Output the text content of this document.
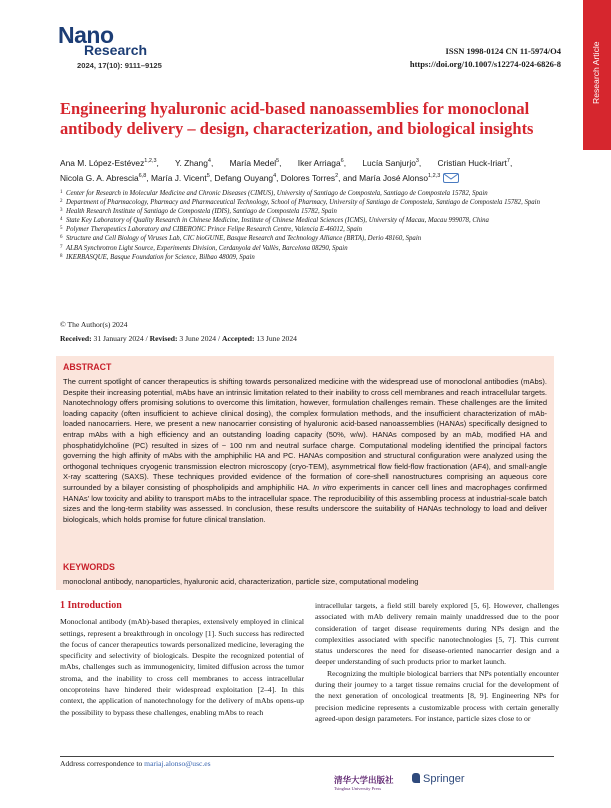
Research Article
Nano
Research
2024, 17(10): 9111–9125
ISSN 1998-0124 CN 11-5974/O4
https://doi.org/10.1007/s12274-024-6826-8
Engineering hyaluronic acid-based nanoassemblies for monoclonal antibody delivery – design, characterization, and biological insights
Ana M. López-Estévez$^{1,2,3}$,       Y. Zhang$^4$,       María Medel$^5$,       Iker Arriaga$^6$,       Lucía Sanjurjo$^3$,       Cristian Huck-Iriart$^7$,
Nicola G. A. Abrescia$^{6,8}$, María J. Vicent$^5$, Defang Ouyang$^4$, Dolores Torres$^2$, and María José Alonso$^{1,2,3}$
1 Center for Research in Molecular Medicine and Chronic Diseases (CIMUS), University of Santiago de Compostela, Santiago de Compostela 15782, Spain
2 Department of Pharmacology, Pharmacy and Pharmaceutical Technology, School of Pharmacy, University of Santiago de Compostela, Santiago de Compostela 15782, Spain
3 Health Research Institute of Santiago de Compostela (IDIS), Santiago de Compostela 15782, Spain
4 State Key Laboratory of Quality Research in Chinese Medicine, Institute of Chinese Medical Sciences (ICMS), University of Macau, Macau 999078, China
5 Polymer Therapeutics Laboratory and CIBERONC Prince Felipe Research Centre, Valencia E-46012, Spain
6 Structure and Cell Biology of Viruses Lab, CIC bioGUNE, Basque Research and Technology Alliance (BRTA), Derio 48160, Spain
7 ALBA Synchrotron Light Source, Experiments Division, Cerdanyola del Vallès, Barcelona 08290, Spain
8 IKERBASQUE, Basque Foundation for Science, Bilbao 48009, Spain
© The Author(s) 2024
Received: 31 January 2024 / Revised: 3 June 2024 / Accepted: 13 June 2024
ABSTRACT
The current spotlight of cancer therapeutics is shifting towards personalized medicine with the widespread use of monoclonal antibodies (mAbs). Despite their increasing potential, mAbs have an intrinsic limitation related to their inability to cross cell membranes and reach intracellular targets. Nanotechnology offers promising solutions to overcome this limitation, however, formulation challenges remain. These challenges are the limited loading capacity (often insufficient to achieve clinical dosing), the complex formulation methods, and the insufficient characterization of mAb-loaded nanocarriers. Here, we present a new nanocarrier consisting of hyaluronic acid-based nanoassemblies (HANAs) specifically designed to entrap mAbs with a high efficiency and an outstanding loading capacity (50%, w/w). HANAs composed by an mAb, modified HA and phosphatidylcholine (PC) resulted in sizes of ~ 100 nm and neutral surface charge. Computational modeling identified the principal factors governing the high affinity of mAbs with the amphiphilic HA and PC. HANAs composition and structural configuration were analyzed using the orthogonal techniques cryogenic transmission electron microscopy (cryo-TEM), asymmetrical flow field-flow fractionation (AF4), and small-angle X-ray scattering (SAXS). These techniques provided evidence of the formation of core-shell nanostructures comprising an aqueous core surrounded by a bilayer consisting of phospholipids and amphiphilic HA. In vitro experiments in cancer cell lines and macrophages confirmed HANAs' low toxicity and ability to transport mAbs to the intracellular space. The reproducibility of this assembling process at industrial-scale batch sizes and the long-term stability was assessed. In conclusion, these results underscore the suitability of HANAs technology to load and deliver biologicals, which holds promise for future clinical translation.
KEYWORDS
monoclonal antibody, nanoparticles, hyaluronic acid, characterization, particle size, computational modeling
1 Introduction

Monoclonal antibody (mAb)-based therapies, extensively employed in clinical settings, represent a breakthrough in oncology [1]. Such success has redirected the focus of cancer therapeutics towards personalized medicine, leveraging the specificity and selectivity of biologicals. Despite the recognized potential of mAbs, challenges such as immunogenicity, limited diffusion across the tumor stroma, and the inability to cross cell membranes to access intracellular oncoproteins have hindered their widespread exploitation [2–4]. In this context, the application of nanotechnology for the delivery of mAbs opens-up the possibility to bypass these challenges, enabling mAbs to reach

intracellular targets, a field still barely explored [5, 6]. However, challenges associated with mAb delivery remain mainly unaddressed due to the poor consideration of target disease requirements during NPs design and the complexities associated with specific nanotechnologies [5, 7]. This current status underscores the need for disease-oriented nanocarrier design and a deeper understanding of such products prior to market launch.

Recognizing the multiple biological barriers that NPs potentially encounter during their journey to a target tissue remains crucial for the development of the next generation of oncological treatments [8, 9]. Engineering NPs for precision medicine represents a customizable process with certain generally agreed-upon design parameters. For instance, particle sizes close to or

Address correspondence to mariaj.alonso@usc.es
清华大学出版社
Tsinghua University Press
Springer
